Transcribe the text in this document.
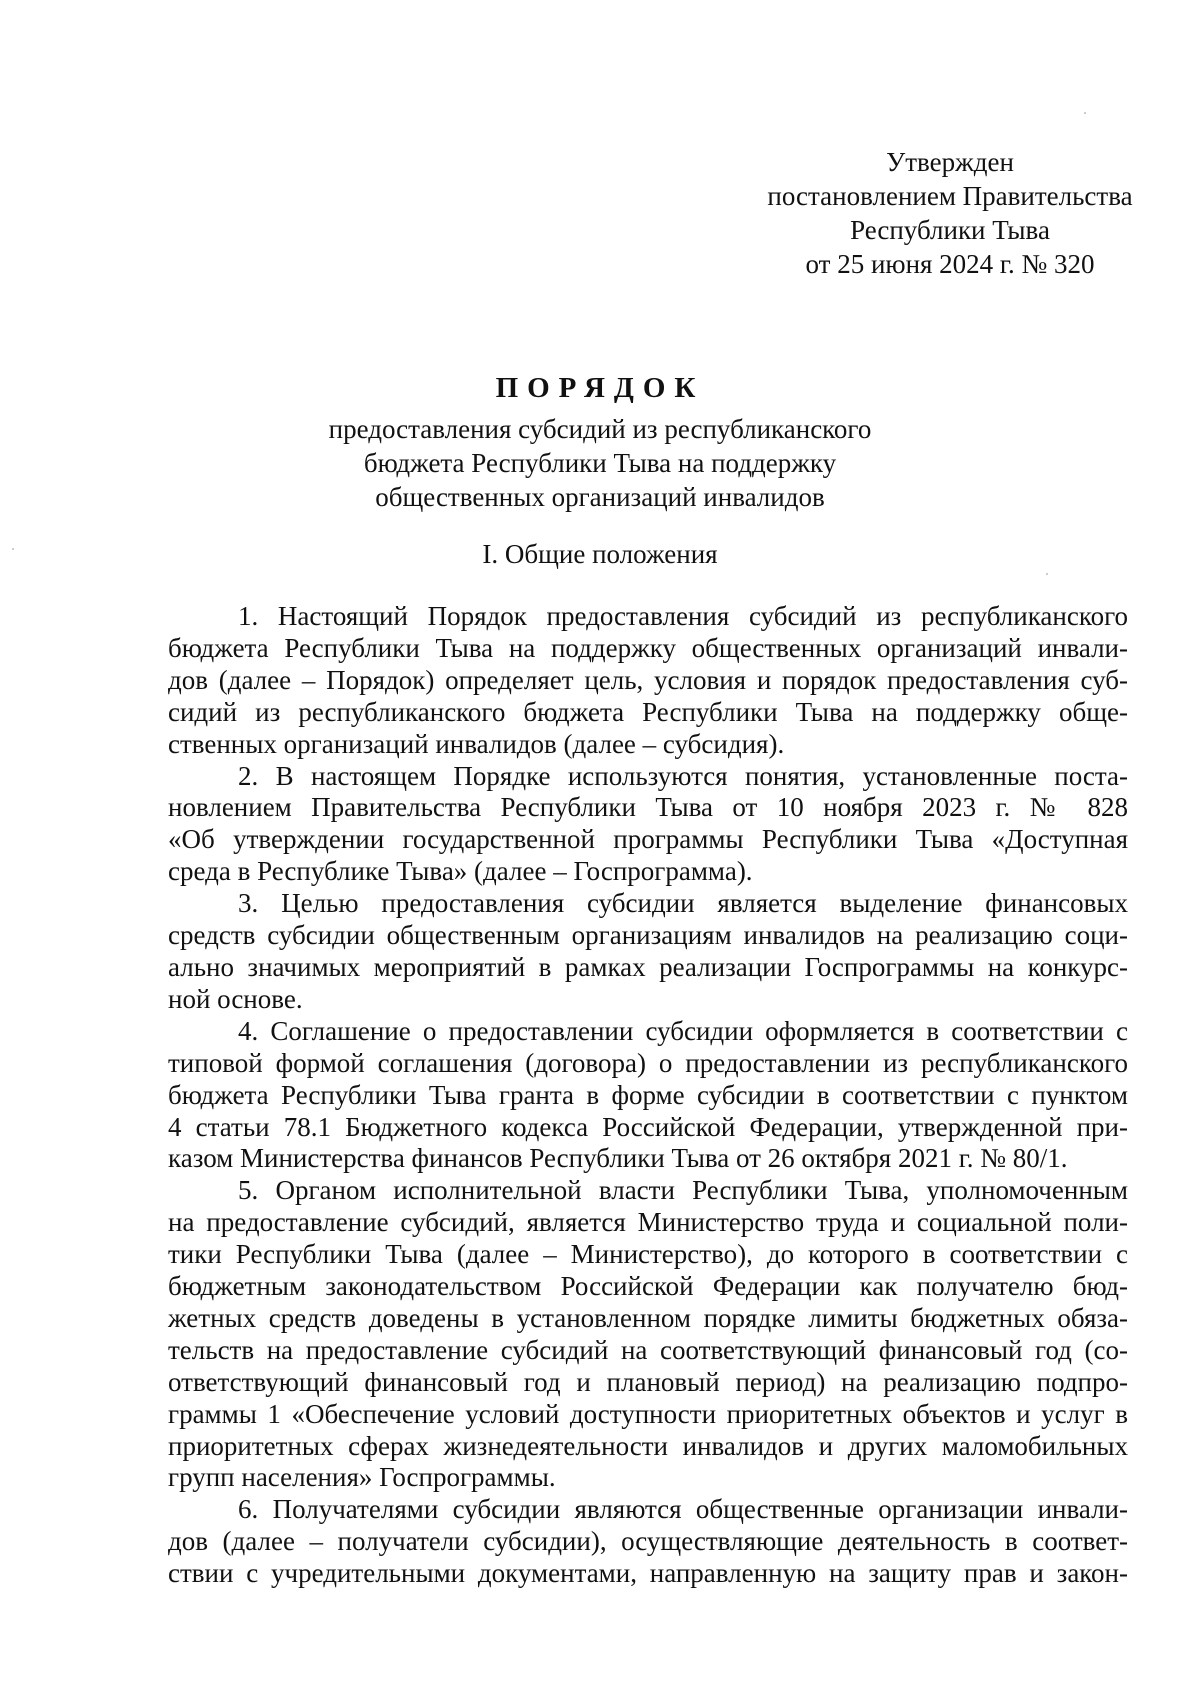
Утвержден
постановлением Правительства
Республики Тыва
от 25 июня 2024 г. № 320
ПОРЯДОК
предоставления субсидий из республиканского
бюджета Республики Тыва на поддержку
общественных организаций инвалидов
I. Общие положения
1. Настоящий Порядок предоставления субсидий из республиканского
бюджета Республики Тыва на поддержку общественных организаций инвали-
дов (далее – Порядок) определяет цель, условия и порядок предоставления суб-
сидий из республиканского бюджета Республики Тыва на поддержку обще-
ственных организаций инвалидов (далее – субсидия).
2. В настоящем Порядке используются понятия, установленные поста-
новлением Правительства Республики Тыва от 10 ноября 2023 г. № 828
«Об утверждении государственной программы Республики Тыва «Доступная
среда в Республике Тыва» (далее – Госпрограмма).
3. Целью предоставления субсидии является выделение финансовых
средств субсидии общественным организациям инвалидов на реализацию соци-
ально значимых мероприятий в рамках реализации Госпрограммы на конкурс-
ной основе.
4. Соглашение о предоставлении субсидии оформляется в соответствии с
типовой формой соглашения (договора) о предоставлении из республиканского
бюджета Республики Тыва гранта в форме субсидии в соответствии с пунктом
4 статьи 78.1 Бюджетного кодекса Российской Федерации, утвержденной при-
казом Министерства финансов Республики Тыва от 26 октября 2021 г. № 80/1.
5. Органом исполнительной власти Республики Тыва, уполномоченным
на предоставление субсидий, является Министерство труда и социальной поли-
тики Республики Тыва (далее – Министерство), до которого в соответствии с
бюджетным законодательством Российской Федерации как получателю бюд-
жетных средств доведены в установленном порядке лимиты бюджетных обяза-
тельств на предоставление субсидий на соответствующий финансовый год (со-
ответствующий финансовый год и плановый период) на реализацию подпро-
граммы 1 «Обеспечение условий доступности приоритетных объектов и услуг в
приоритетных сферах жизнедеятельности инвалидов и других маломобильных
групп населения» Госпрограммы.
6. Получателями субсидии являются общественные организации инвали-
дов (далее – получатели субсидии), осуществляющие деятельность в соответ-
ствии с учредительными документами, направленную на защиту прав и закон-
